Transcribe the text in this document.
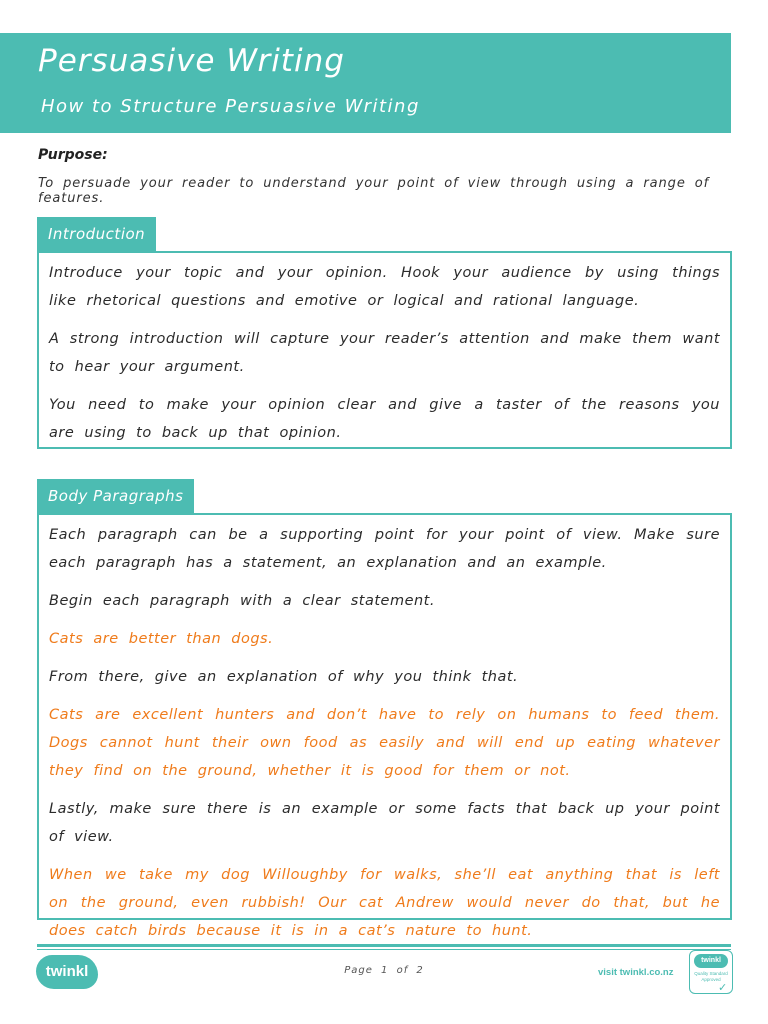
Persuasive Writing
How to Structure Persuasive Writing
Purpose:
To persuade your reader to understand your point of view through using a range of features.
Introduction

Introduce your topic and your opinion. Hook your audience by using things like rhetorical questions and emotive or logical and rational language.

A strong introduction will capture your reader’s attention and make them want to hear your argument.

You need to make your opinion clear and give a taster of the reasons you are using to back up that opinion.

Body Paragraphs

Each paragraph can be a supporting point for your point of view. Make sure each paragraph has a statement, an explanation and an example.

Begin each paragraph with a clear statement.

Cats are better than dogs.

From there, give an explanation of why you think that.

Cats are excellent hunters and don’t have to rely on humans to feed them. Dogs cannot hunt their own food as easily and will end up eating whatever they find on the ground, whether it is good for them or not.

Lastly, make sure there is an example or some facts that back up your point of view.

When we take my dog Willoughby for walks, she’ll eat anything that is left on the ground, even rubbish! Our cat Andrew would never do that, but he does catch birds because it is in a cat’s nature to hunt.

twinkl	Page 1 of 2	visit twinkl.co.nz
twinkl
Quality Standard Approved
✓
